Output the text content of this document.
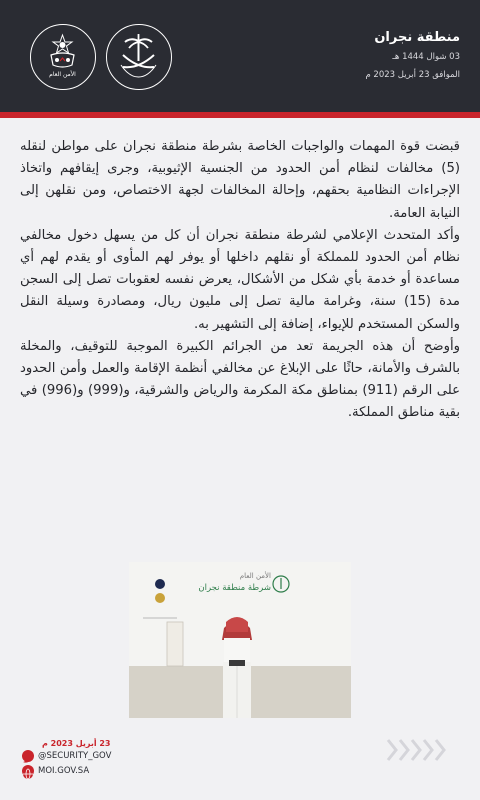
الأمن العام
منطقة نجران
03 شوال 1444 هـ
الموافق 23 أبريل 2023 م

قبضت قوة المهمات والواجبات الخاصة بشرطة منطقة نجران على مواطن لنقله (5) مخالفات لنظام أمن الحدود من الجنسية الإثيوبية، وجرى إيقافهم واتخاذ الإجراءات النظامية بحقهم، وإحالة المخالفات لجهة الاختصاص، ومن نقلهن إلى النيابة العامة.

وأكد المتحدث الإعلامي لشرطة منطقة نجران أن كل من يسهل دخول مخالفي نظام أمن الحدود للمملكة أو نقلهم داخلها أو يوفر لهم المأوى أو يقدم لهم أي مساعدة أو خدمة بأي شكل من الأشكال، يعرض نفسه لعقوبات تصل إلى السجن مدة (15) سنة، وغرامة مالية تصل إلى مليون ريال، ومصادرة وسيلة النقل والسكن المستخدم للإيواء، إضافة إلى التشهير به.

وأوضح أن هذه الجريمة تعد من الجرائم الكبيرة الموجبة للتوقيف، والمخلة بالشرف والأمانة، حاثًا على الإبلاغ عن مخالفي أنظمة الإقامة والعمل وأمن الحدود على الرقم (911) بمناطق مكة المكرمة والرياض والشرقية، و(999) و(996) في بقية مناطق المملكة.

الأمن العام
شرطة منطقة نجران
23 أبريل 2023 م
@SECURITY_GOV
MOI.GOV.SA
